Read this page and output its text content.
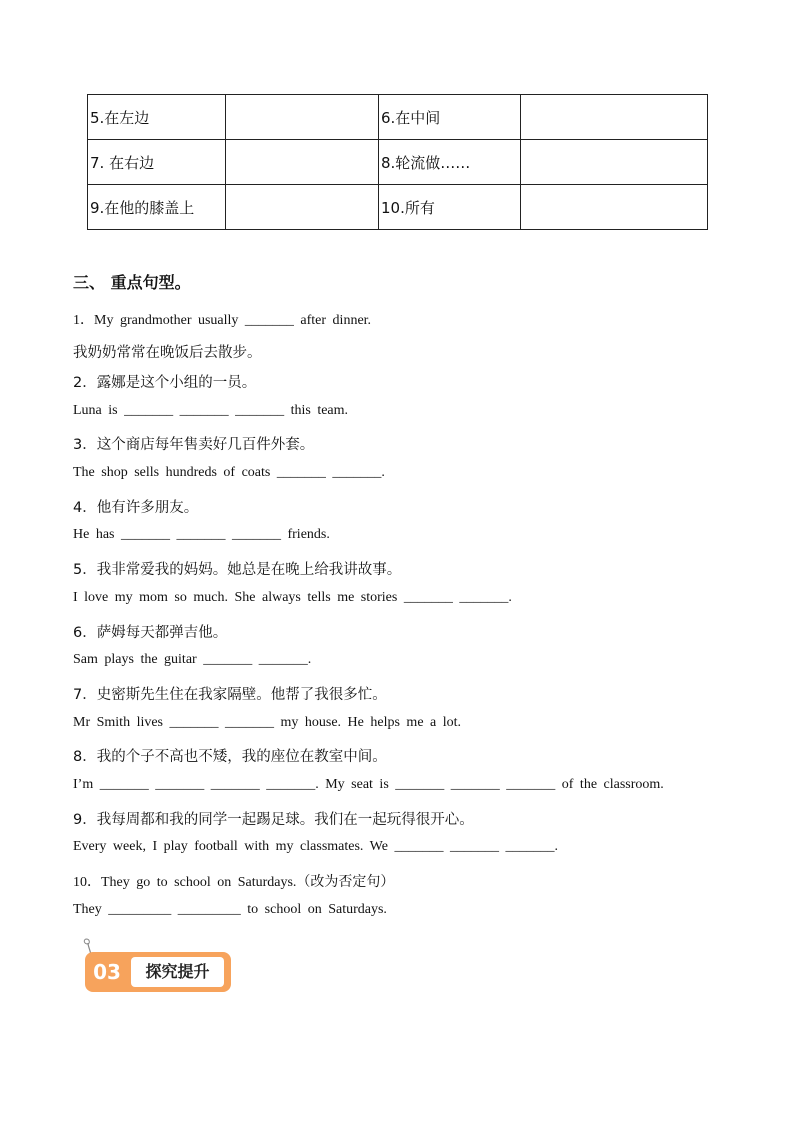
5.在左边		6.在中间	
7. 在右边		8.轮流做……	
9.在他的膝盖上		10.所有	

三、 重点句型。

1．My grandmother usually _______ after dinner.

我奶奶常常在晚饭后去散步。

2．露娜是这个小组的一员。

Luna is _______ _______ _______ this team.

3．这个商店每年售卖好几百件外套。

The shop sells hundreds of coats _______ _______.

4．他有许多朋友。

He has _______ _______ _______ friends.

5．我非常爱我的妈妈。她总是在晚上给我讲故事。

I love my mom so much. She always tells me stories _______ _______.

6．萨姆每天都弹吉他。

Sam plays the guitar _______ _______.

7．史密斯先生住在我家隔壁。他帮了我很多忙。

Mr Smith lives _______ _______ my house. He helps me a lot.

8．我的个子不高也不矮，我的座位在教室中间。

I’m _______ _______ _______ _______. My seat is _______ _______ _______ of the classroom.

9．我每周都和我的同学一起踢足球。我们在一起玩得很开心。

Every week, I play football with my classmates. We _______ _______ _______.

10．They go to school on Saturdays.（改为否定句）

They _________ _________ to school on Saturdays.

03	探究提升
